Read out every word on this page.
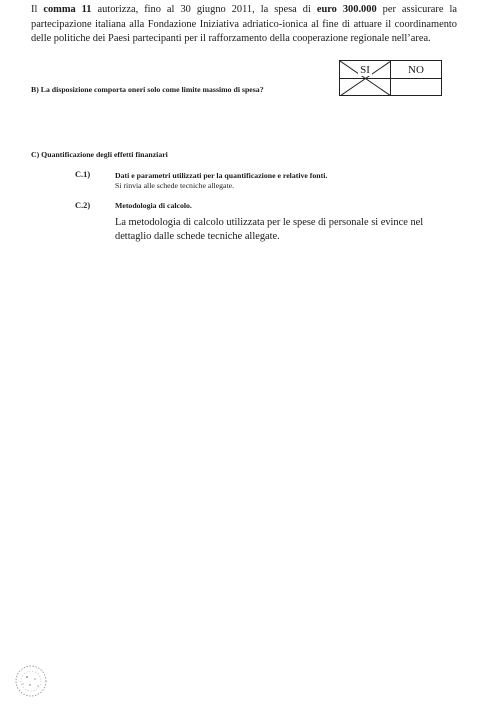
Il comma 11 autorizza, fino al 30 giugno 2011, la spesa di euro 300.000 per assicurare la partecipazione italiana alla Fondazione Iniziativa adriatico-ionica al fine di attuare il coordinamento delle politiche dei Paesi partecipanti per il rafforzamento della cooperazione regionale nell’area.
B) La disposizione comporta oneri solo come limite massimo di spesa?
SI	NO
C) Quantificazione degli effetti finanziari
C.1)	Dati e parametri utilizzati per la quantificazione e relative fonti.
Si rinvia alle schede tecniche allegate.
C.2)	Metodologia di calcolo.
La metodologia di calcolo utilizzata per le spese di personale si evince nel dettaglio dalle schede tecniche allegate.
